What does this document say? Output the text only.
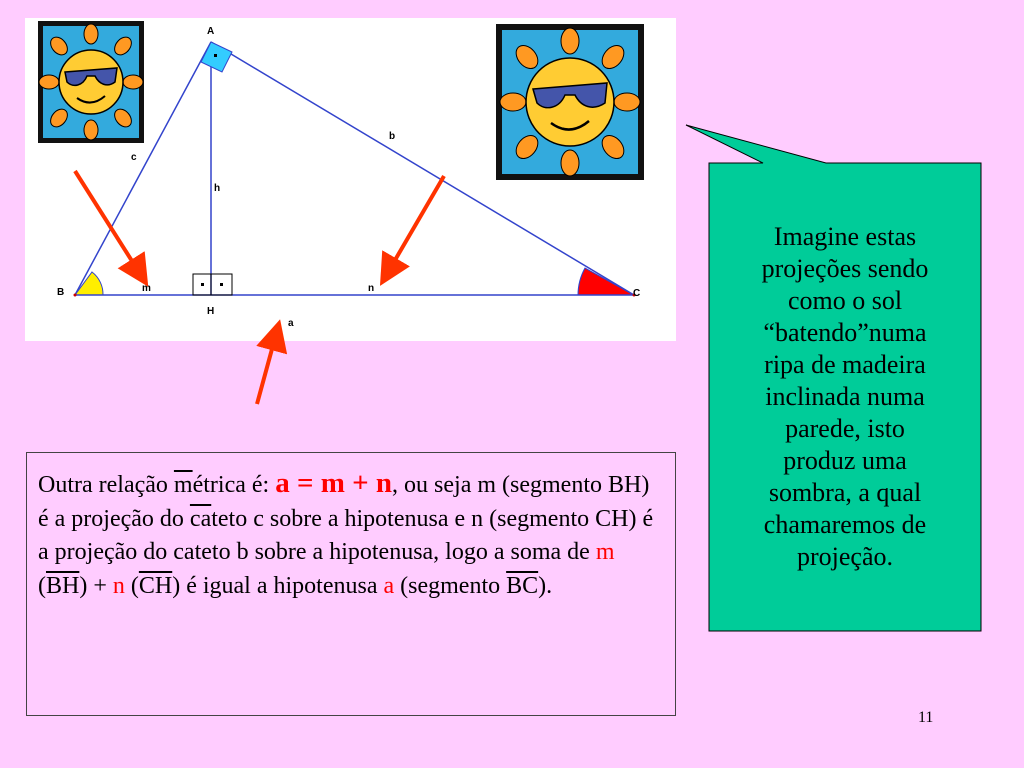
A
B	C
H
a
b
c
h
m	n
Imagine estas
projeções sendo
como o sol
“batendo”numa
ripa de madeira
inclinada numa
parede, isto
produz uma
sombra, a qual
chamaremos de
projeção.
Outra relação $\overline{m}étrica$ é: a = m + n, ou seja m (segmento BH) é a projeção do $\overline{ca}teto$ c sobre a hipotenusa e n (segmento CH) é a projeção do cateto b sobre a hipotenusa, logo a soma de m $(\overline{BH}) + n$ $(\overline{CH})$ é igual a hipotenusa a (segmento $\overline{BC}$).
11
